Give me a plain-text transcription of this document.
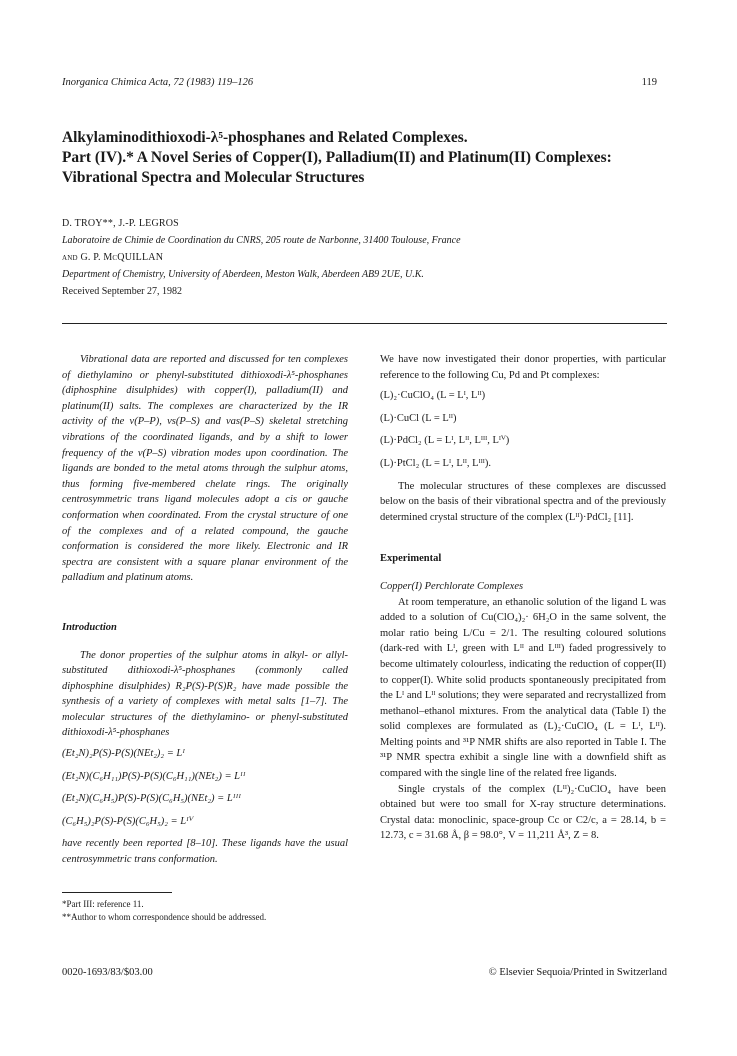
Inorganica Chimica Acta, 72 (1983) 119–126	119
Alkylaminodithioxodi-λ⁵-phosphanes and Related Complexes.
Part (IV).* A Novel Series of Copper(I), Palladium(II) and Platinum(II) Complexes:
Vibrational Spectra and Molecular Structures
D. TROY**, J.-P. LEGROS
Laboratoire de Chimie de Coordination du CNRS, 205 route de Narbonne, 31400 Toulouse, France
and G. P. McQUILLAN
Department of Chemistry, University of Aberdeen, Meston Walk, Aberdeen AB9 2UE, U.K.
Received September 27, 1982

Vibrational data are reported and discussed for ten complexes of diethylamino or phenyl-substituted dithioxodi-λ⁵-phosphanes (diphosphine disulphides) with copper(I), palladium(II) and platinum(II) salts. The complexes are characterized by the IR activity of the ν(P–P), νs(P–S) and νas(P–S) skeletal stretching vibrations of the coordinated ligands, and by a shift to lower frequency of the ν(P–S) vibration modes upon coordination. The ligands are bonded to the metal atoms through the sulphur atoms, thus forming five-membered chelate rings. The originally centrosymmetric trans ligand molecules adopt a cis or gauche conformation when coordinated. From the crystal structure of one of the complexes and of a related compound, the gauche conformation is considered the more likely. Electronic and IR spectra are consistent with a square planar environment of the palladium and platinum atoms.

Introduction

The donor properties of the sulphur atoms in alkyl- or allyl-substituted dithioxodi-λ⁵-phosphanes (commonly called diphosphine disulphides) R₂P(S)-P(S)R₂ have made possible the synthesis of a variety of complexes with metal salts [1–7]. The molecular structures of the diethylamino- or phenyl-substituted dithioxodi-λ⁵-phosphanes

(Et₂N)₂P(S)-P(S)(NEt₂)₂ = Lᴵ
(Et₂N)(C₆H₁₁)P(S)-P(S)(C₆H₁₁)(NEt₂) = Lᴵᴵ
(Et₂N)(C₆H₅)P(S)-P(S)(C₆H₅)(NEt₂) = Lᴵᴵᴵ
(C₆H₅)₂P(S)-P(S)(C₆H₅)₂ = Lᴵⱽ

have recently been reported [8–10]. These ligands have the usual centrosymmetric trans conformation.

*Part III: reference 11.
**Author to whom correspondence should be addressed.

We have now investigated their donor properties, with particular reference to the following Cu, Pd and Pt complexes:

(L)₂·CuClO₄ (L = Lᴵ, Lᴵᴵ)
(L)·CuCl (L = Lᴵᴵ)
(L)·PdCl₂ (L = Lᴵ, Lᴵᴵ, Lᴵᴵᴵ, Lᴵⱽ)
(L)·PtCl₂ (L = Lᴵ, Lᴵᴵ, Lᴵᴵᴵ).

The molecular structures of these complexes are discussed below on the basis of their vibrational spectra and of the previously determined crystal structure of the complex (Lᴵᴵ)·PdCl₂ [11].

Experimental
Copper(I) Perchlorate Complexes

At room temperature, an ethanolic solution of the ligand L was added to a solution of Cu(ClO₄)₂· 6H₂O in the same solvent, the molar ratio being L/Cu = 2/1. The resulting coloured solutions (dark-red with Lᴵ, green with Lᴵᴵ and Lᴵᴵᴵ) faded progressively to become ultimately colourless, indicating the reduction of copper(II) to copper(I). White solid products spontaneously precipitated from the Lᴵ and Lᴵᴵ solutions; they were separated and recrystallized from methanol–ethanol mixtures. From the analytical data (Table I) the solid complexes are formulated as (L)₂·CuClO₄ (L = Lᴵ, Lᴵᴵ). Melting points and ³¹P NMR shifts are also reported in Table I. The ³¹P NMR spectra exhibit a single line with a downfield shift as compared with the single line of the related free ligands.

Single crystals of the complex (Lᴵᴵ)₂·CuClO₄ have been obtained but were too small for X-ray structure determinations. Crystal data: monoclinic, space-group Cc or C2/c, a = 28.14, b = 12.73, c = 31.68 Å, β = 98.0°, V = 11,211 Å³, Z = 8.

0020-1693/83/$03.00	© Elsevier Sequoia/Printed in Switzerland
